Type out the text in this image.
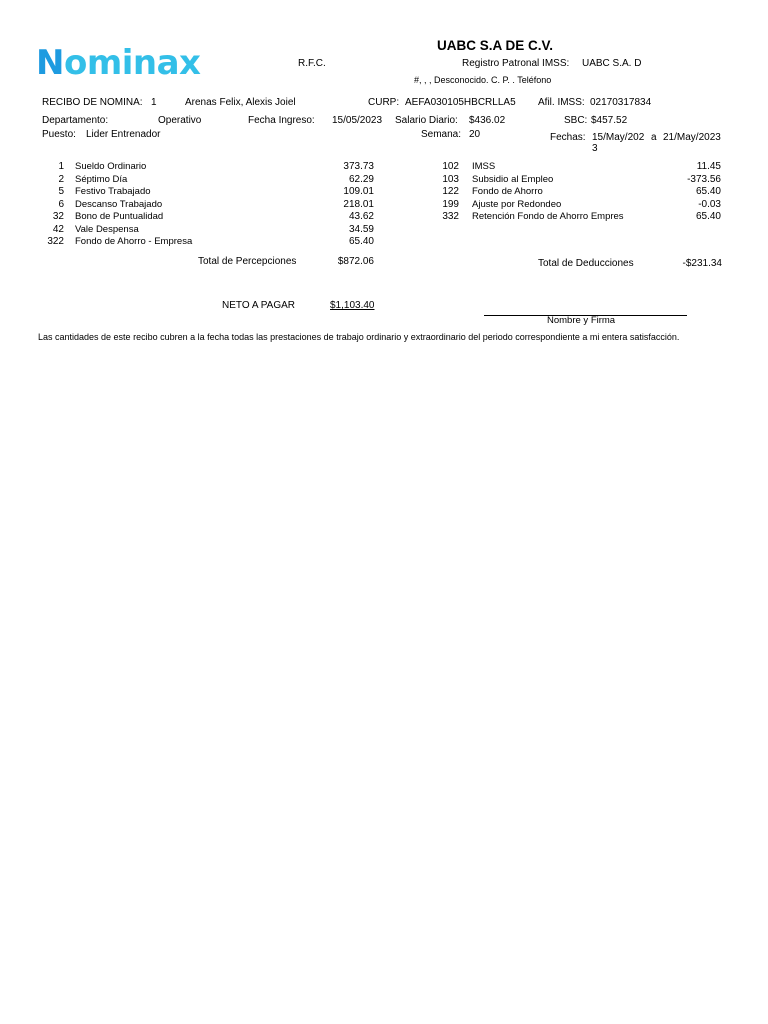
Nominax	UABC S.A DE C.V.
R.F.C.	Registro Patronal IMSS: UABC S.A. D
#, , , Desconocido. C. P. . Teléfono
RECIBO DE NOMINA: 1	Arenas Felix, Alexis Joiel	CURP: AEFA030105HBCRLLA5 Afil. IMSS: 02170317834
Departamento:	Operativo	Fecha Ingreso: 15/05/2023 Salario Diario: $436.02	SBC: $457.52
Puesto: Lider Entrenador	Semana: 20	Fechas: 15/May/202
3
a 21/May/2023
1 Sueldo Ordinario	373.73
2 Séptimo Día	62.29
5 Festivo Trabajado	109.01
6 Descanso Trabajado	218.01
32 Bono de Puntualidad	43.62
42 Vale Despensa	34.59
322 Fondo de Ahorro - Empresa	65.40
102 IMSS	11.45
103 Subsidio al Empleo	-373.56
122 Fondo de Ahorro	65.40
199 Ajuste por Redondeo	-0.03
332 Retención Fondo de Ahorro Empres	65.40
Total de Percepciones	$872.06	Total de Deducciones	-$231.34
NETO A PAGAR	$1,103.40
Nombre y Firma
Las cantidades de este recibo cubren a la fecha todas las prestaciones de trabajo ordinario y extraordinario del periodo correspondiente a mi entera satisfacción.
